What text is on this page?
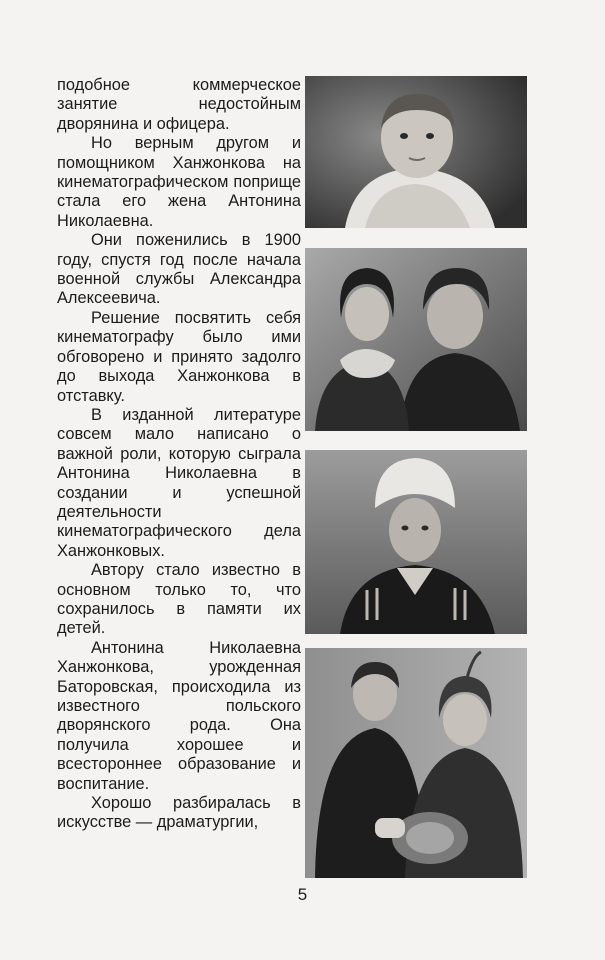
подобное коммерческое занятие недостойным дворянина и офицера.

Но верным другом и помощником Ханжонкова на кинематографическом поприще стала его жена Антонина Николаевна.

Они поженились в 1900 году, спустя год после начала военной службы Александра Алексеевича.

Решение посвятить себя кинематографу было ими обговорено и принято задолго до выхода Ханжонкова в отставку.

В изданной литературе совсем мало написано о важной роли, которую сыграла Антонина Николаевна в создании и успешной деятельности кинематографического дела Ханжонковых.

Автору стало известно в основном только то, что сохранилось в памяти их детей.

Антонина Николаевна Ханжонкова, урожденная Баторовская, происходила из известного польского дворянского рода. Она получила хорошее и всестороннее образование и воспитание.

Хорошо разбиралась в искусстве — драматургии,

5
